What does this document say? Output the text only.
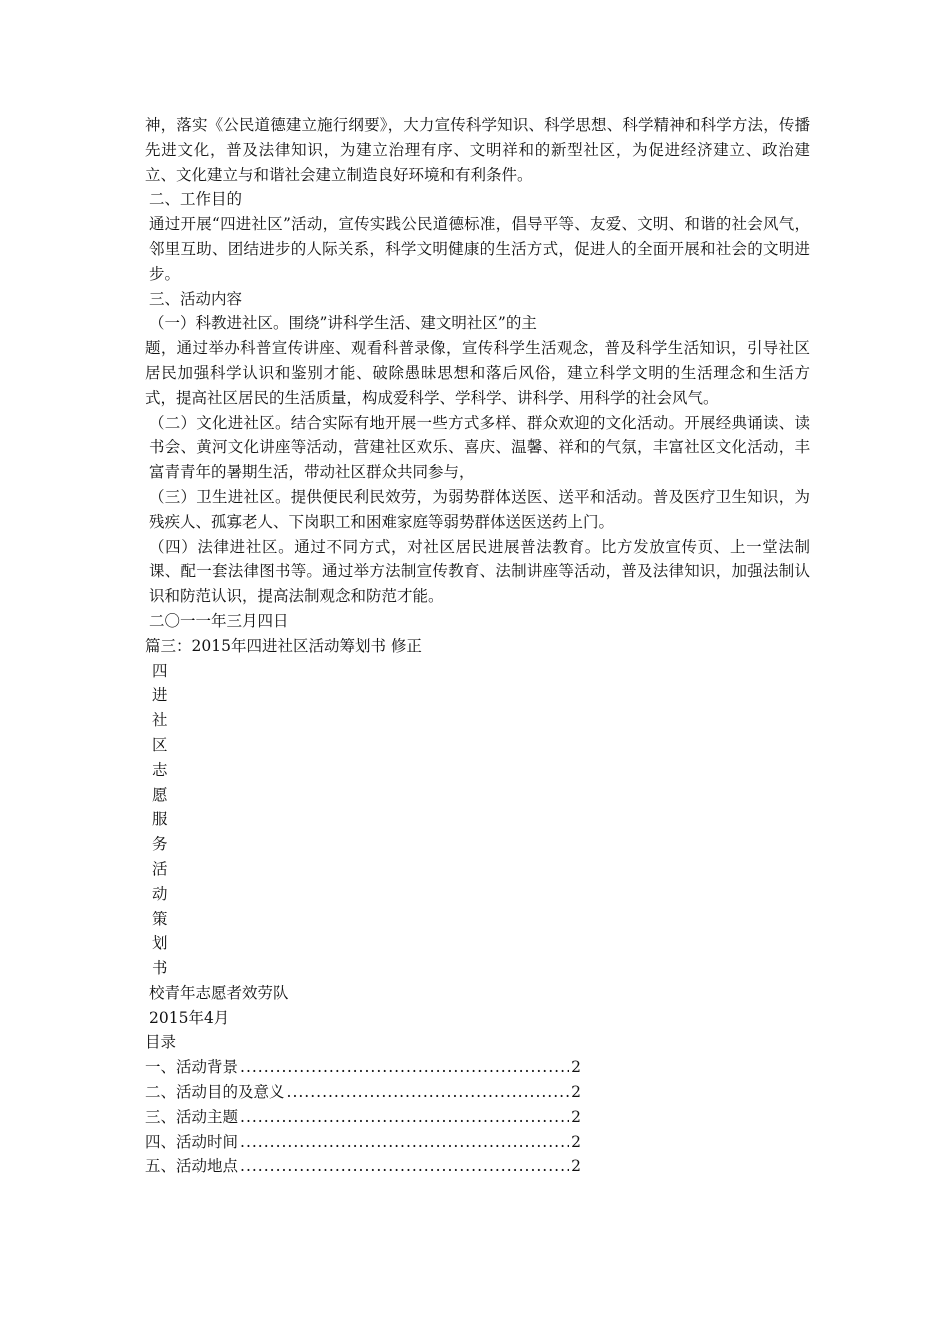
神，落实《公民道德建立施行纲要》，大力宣传科学知识、科学思想、科学精神和科学方法，传播先进文化，普及法律知识，为建立治理有序、文明祥和的新型社区，为促进经济建立、政治建立、文化建立与和谐社会建立制造良好环境和有利条件。

二、工作目的

通过开展“四进社区”活动，宣传实践公民道德标准，倡导平等、友爱、文明、和谐的社会风气，邻里互助、团结进步的人际关系，科学文明健康的生活方式，促进人的全面开展和社会的文明进步。

三、活动内容

（一）科教进社区。围绕”讲科学生活、建文明社区”的主

题，通过举办科普宣传讲座、观看科普录像，宣传科学生活观念，普及科学生活知识，引导社区居民加强科学认识和鉴别才能、破除愚昧思想和落后风俗，建立科学文明的生活理念和生活方式，提高社区居民的生活质量，构成爱科学、学科学、讲科学、用科学的社会风气。

（二）文化进社区。结合实际有地开展一些方式多样、群众欢迎的文化活动。开展经典诵读、读书会、黄河文化讲座等活动，营建社区欢乐、喜庆、温馨、祥和的气氛，丰富社区文化活动，丰富青青年的暑期生活，带动社区群众共同参与，

（三）卫生进社区。提供便民利民效劳，为弱势群体送医、送平和活动。普及医疗卫生知识，为残疾人、孤寡老人、下岗职工和困难家庭等弱势群体送医送药上门。

（四）法律进社区。通过不同方式，对社区居民进展普法教育。比方发放宣传页、上一堂法制课、配一套法律图书等。通过举方法制宣传教育、法制讲座等活动，普及法律知识，加强法制认识和防范认识，提高法制观念和防范才能。

二〇一一年三月四日

篇三：2015年四进社区活动筹划书 修正

四

进

社

区

志

愿

服

务

活

动

策

划

书

校青年志愿者效劳队

2015年4月

目录

一、活动背景 .....	2
二、活动目的及意义 .....	2
三、活动主题 .....	2
四、活动时间 .....	2
五、活动地点 .....	2
